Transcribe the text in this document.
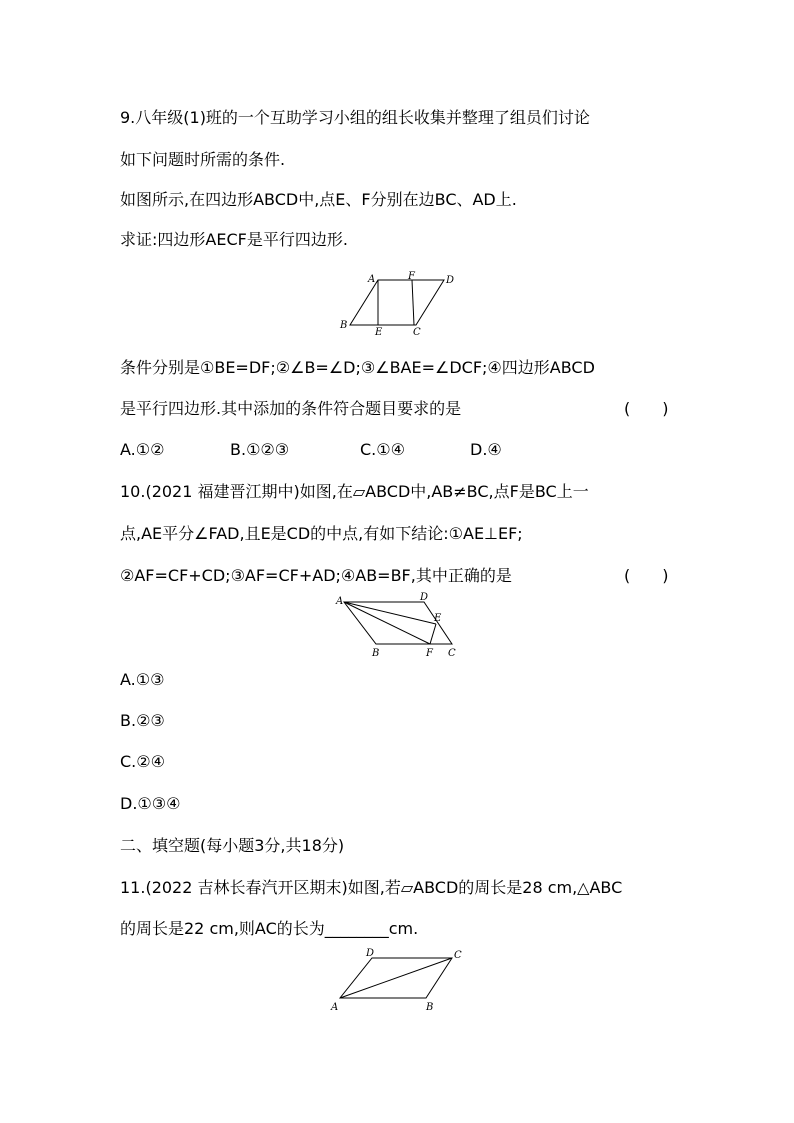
9.八年级(1)班的一个互助学习小组的组长收集并整理了组员们讨论
如下问题时所需的条件.
如图所示,在四边形ABCD中,点E、F分别在边BC、AD上.
求证:四边形AECF是平行四边形.
A	F	D
B
E	C
条件分别是①BE=DF;②∠B=∠D;③∠BAE=∠DCF;④四边形ABCD
是平行四边形.其中添加的条件符合题目要求的是	(　　)
A.①②	B.①②③	C.①④	D.④
10.(2021 福建晋江期中)如图,在▱ABCD中,AB≠BC,点F是BC上一
点,AE平分∠FAD,且E是CD的中点,有如下结论:①AE⊥EF;
②AF=CF+CD;③AF=CF+AD;④AB=BF,其中正确的是	(　　)
A	D
E
B	F C
A.①③
B.②③
C.②④
D.①③④
二、填空题(每小题3分,共18分)
11.(2022 吉林长春汽开区期末)如图,若▱ABCD的周长是28 cm,△ABC
的周长是22 cm,则AC的长为________cm.
D	C
A	B
